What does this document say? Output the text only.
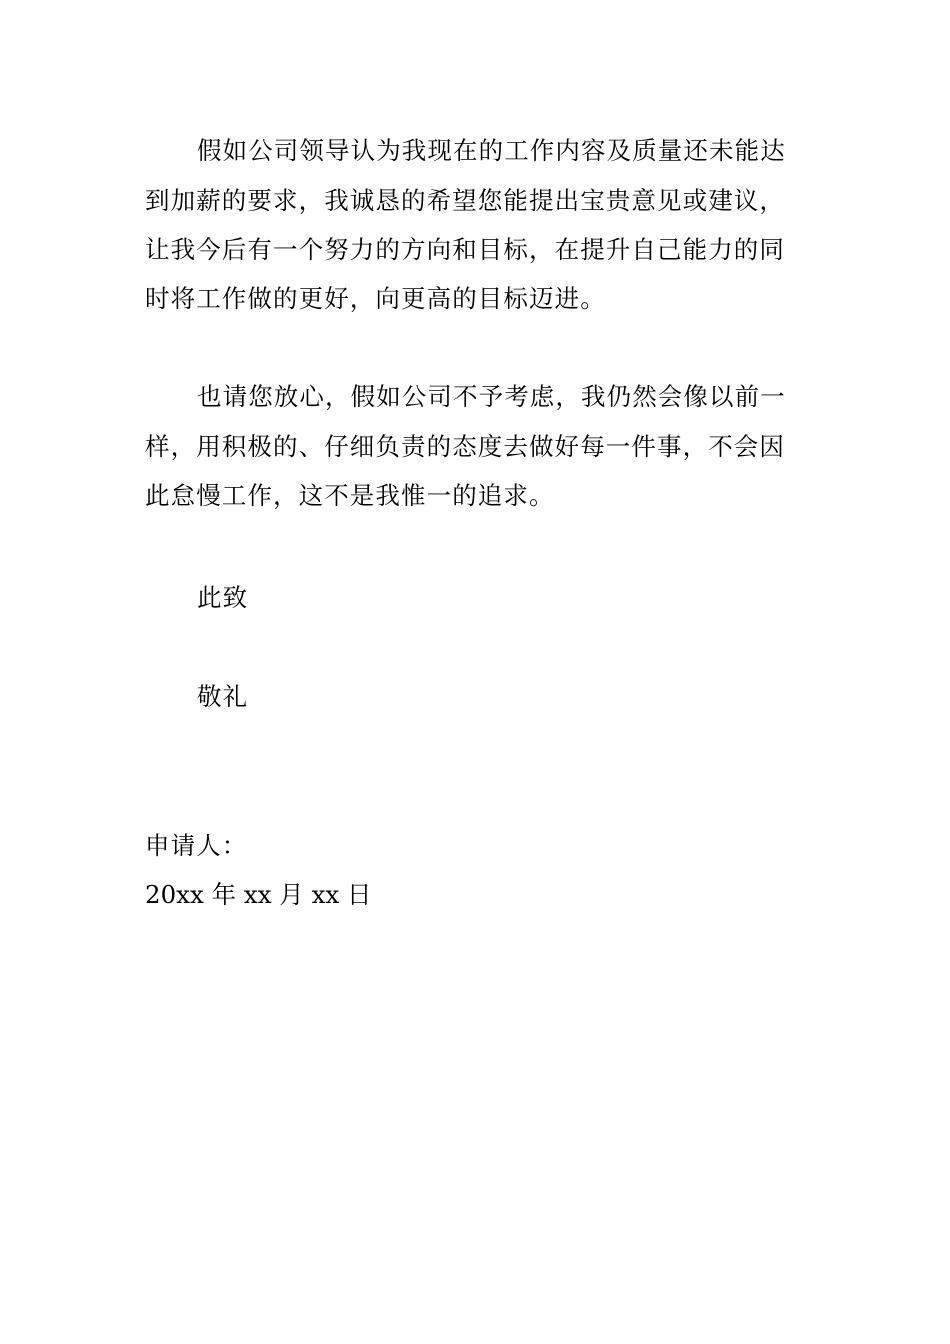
假如公司领导认为我现在的工作内容及质量还未能达
到加薪的要求，我诚恳的希望您能提出宝贵意见或建议，
让我今后有一个努力的方向和目标，在提升自己能力的同
时将工作做的更好，向更高的目标迈进。
也请您放心，假如公司不予考虑，我仍然会像以前一
样，用积极的、仔细负责的态度去做好每一件事，不会因
此怠慢工作，这不是我惟一的追求。
此致
敬礼
申请人：
20xx 年 xx 月 xx 日
